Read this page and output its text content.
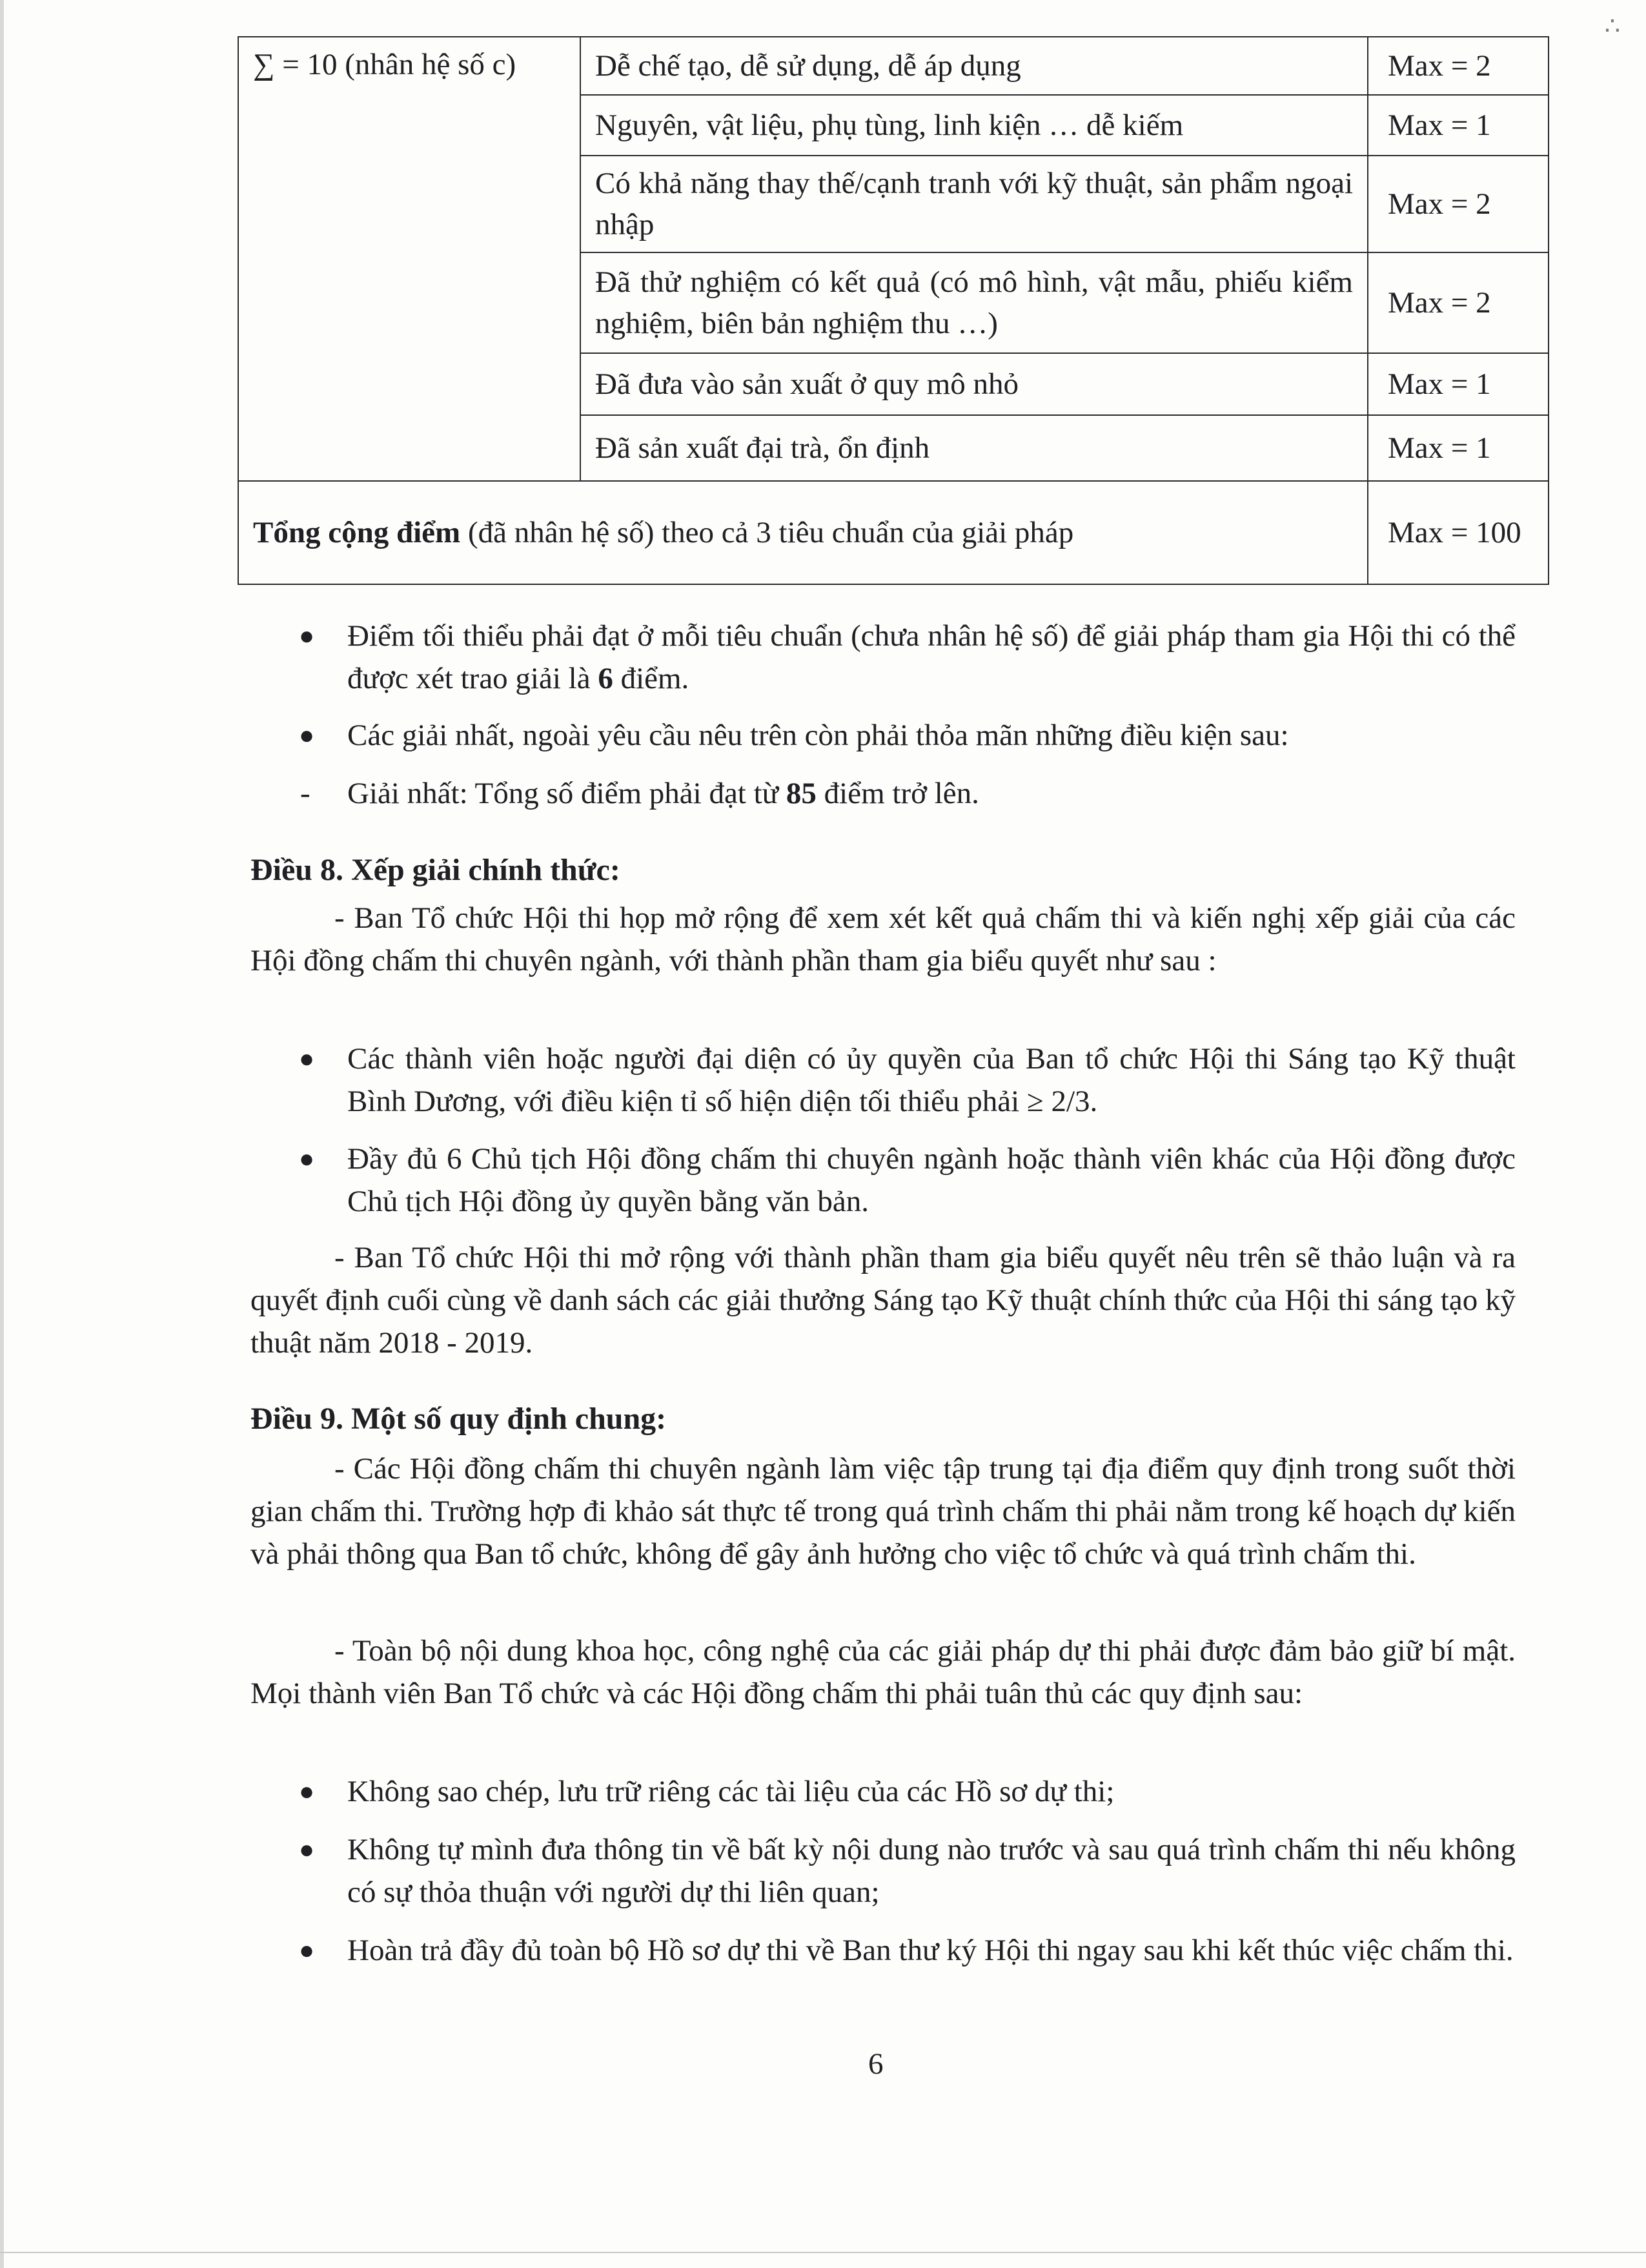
∴
∑ = 10 (nhân hệ số c)	Dễ chế tạo, dễ sử dụng, dễ áp dụng	Max = 2
	Nguyên, vật liệu, phụ tùng, linh kiện … dễ kiếm	Max = 1
	Có khả năng thay thế/cạnh tranh với kỹ thuật, sản phẩm ngoại nhập	Max = 2
	Đã thử nghiệm có kết quả (có mô hình, vật mẫu, phiếu kiểm nghiệm, biên bản nghiệm thu …)	Max = 2
	Đã đưa vào sản xuất ở quy mô nhỏ	Max = 1
	Đã sản xuất đại trà, ổn định	Max = 1
Tổng cộng điểm (đã nhân hệ số) theo cả 3 tiêu chuẩn của giải pháp		Max = 100
● Điểm tối thiểu phải đạt ở mỗi tiêu chuẩn (chưa nhân hệ số) để giải pháp tham gia Hội thi có thể được xét trao giải là 6 điểm.
● Các giải nhất, ngoài yêu cầu nêu trên còn phải thỏa mãn những điều kiện sau:
- Giải nhất: Tổng số điểm phải đạt từ 85 điểm trở lên.
Điều 8. Xếp giải chính thức:
- Ban Tổ chức Hội thi họp mở rộng để xem xét kết quả chấm thi và kiến nghị xếp giải của các Hội đồng chấm thi chuyên ngành, với thành phần tham gia biểu quyết như sau :
● Các thành viên hoặc người đại diện có ủy quyền của Ban tổ chức Hội thi Sáng tạo Kỹ thuật Bình Dương, với điều kiện tỉ số hiện diện tối thiểu phải ≥ 2/3.
● Đầy đủ 6 Chủ tịch Hội đồng chấm thi chuyên ngành hoặc thành viên khác của Hội đồng được Chủ tịch Hội đồng ủy quyền bằng văn bản.
- Ban Tổ chức Hội thi mở rộng với thành phần tham gia biểu quyết nêu trên sẽ thảo luận và ra quyết định cuối cùng về danh sách các giải thưởng Sáng tạo Kỹ thuật chính thức của Hội thi sáng tạo kỹ thuật năm 2018 - 2019.
Điều 9. Một số quy định chung:
- Các Hội đồng chấm thi chuyên ngành làm việc tập trung tại địa điểm quy định trong suốt thời gian chấm thi. Trường hợp đi khảo sát thực tế trong quá trình chấm thi phải nằm trong kế hoạch dự kiến và phải thông qua Ban tổ chức, không để gây ảnh hưởng cho việc tổ chức và quá trình chấm thi.
- Toàn bộ nội dung khoa học, công nghệ của các giải pháp dự thi phải được đảm bảo giữ bí mật. Mọi thành viên Ban Tổ chức và các Hội đồng chấm thi phải tuân thủ các quy định sau:
● Không sao chép, lưu trữ riêng các tài liệu của các Hồ sơ dự thi;
● Không tự mình đưa thông tin về bất kỳ nội dung nào trước và sau quá trình chấm thi nếu không có sự thỏa thuận với người dự thi liên quan;
● Hoàn trả đầy đủ toàn bộ Hồ sơ dự thi về Ban thư ký Hội thi ngay sau khi kết thúc việc chấm thi.
6
